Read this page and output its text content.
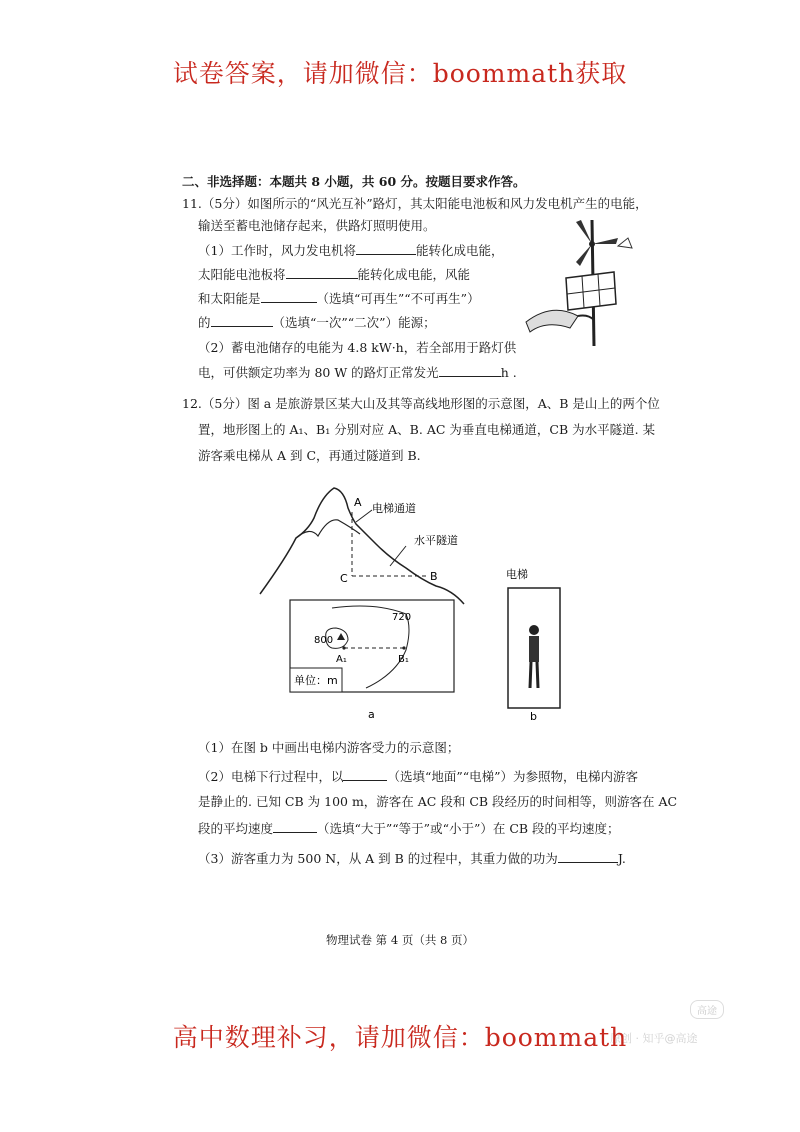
试卷答案，请加微信：boommath获取
二、非选择题：本题共 8 小题，共 60 分。按题目要求作答。
11.（5分）如图所示的“风光互补”路灯，其太阳能电池板和风力发电机产生的电能，
输送至蓄电池储存起来，供路灯照明使用。
（1）工作时，风力发电机将	能转化成电能，
太阳能电池板将	能转化成电能，风能
和太阳能是	（选填“可再生”“不可再生”）
的	（选填“一次”“二次”）能源；
（2）蓄电池储存的电能为 4.8 kW·h，若全部用于路灯供
电，可供额定功率为 80 W 的路灯正常发光	h .
12.（5分）图 a 是旅游景区某大山及其等高线地形图的示意图，A、B 是山上的两个位
置，地形图上的 A₁、B₁ 分别对应 A、B. AC 为垂直电梯通道，CB 为水平隧道. 某
游客乘电梯从 A 到 C，再通过隧道到 B.
A
B
C
电梯通道
水平隧道
800
720
A₁	B₁
单位：m
a
电梯
b
（1）在图 b 中画出电梯内游客受力的示意图；
（2）电梯下行过程中，以	（选填“地面”“电梯”）为参照物，电梯内游客
是静止的. 已知 CB 为 100 m，游客在 AC 段和 CB 段经历的时间相等，则游客在 AC
段的平均速度	（选填“大于”“等于”或“小于”）在 CB 段的平均速度；
（3）游客重力为 500 N，从 A 到 B 的过程中，其重力做的功为	J.
物理试卷 第 4 页（共 8 页）
高途
原创 · 知乎@高途
高中数理补习，请加微信：boommath
